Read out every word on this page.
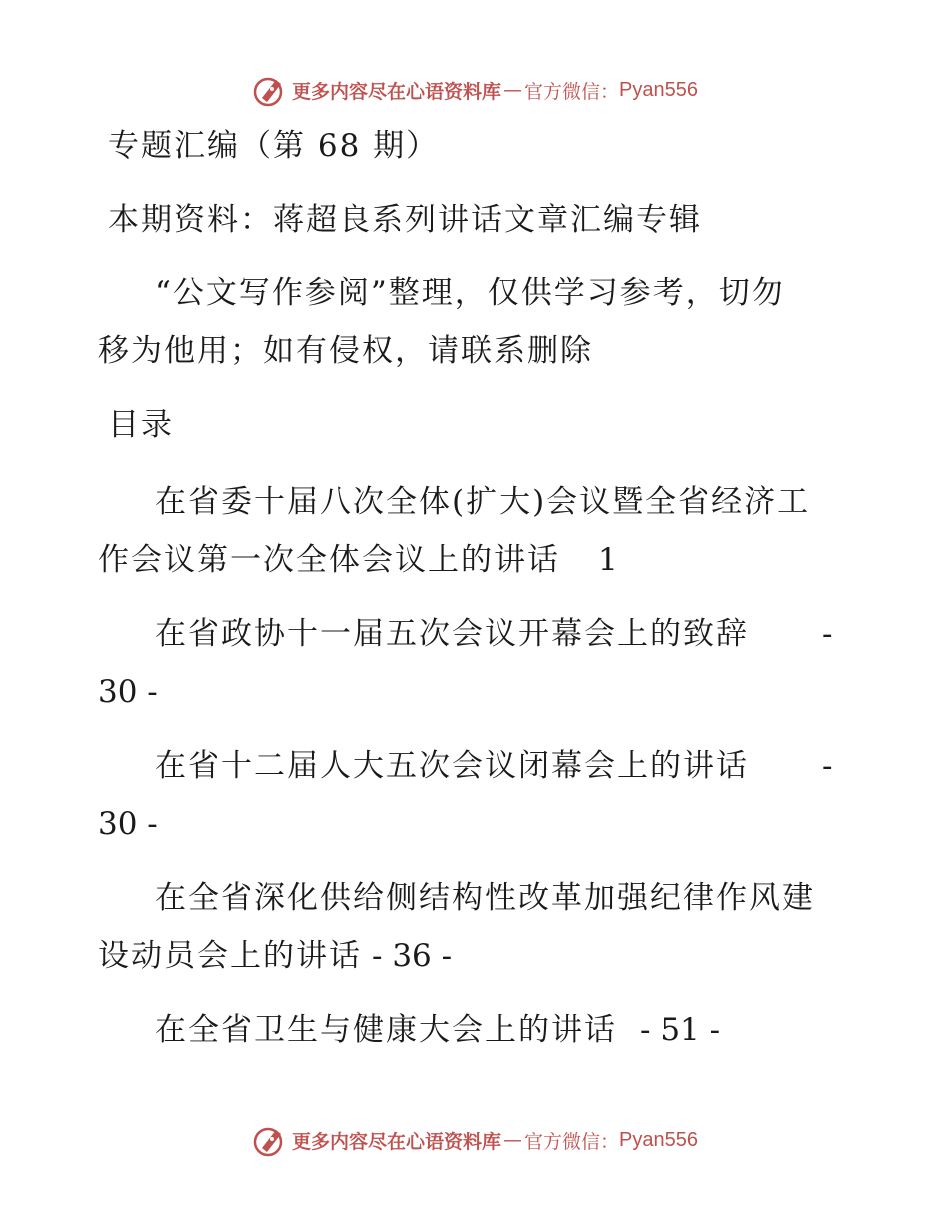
更多内容尽在心语资料库 — 官方微信： Pyan556
专题汇编（第 68 期）
本期资料：蒋超良系列讲话文章汇编专辑
“公文写作参阅”整理，仅供学习参考，切勿
移为他用；如有侵权，请联系删除
目录
在省委十届八次全体(扩大)会议暨全省经济工
作会议第一次全体会议上的讲话 1
在省政协十一届五次会议开幕会上的致辞 -
30 -
在省十二届人大五次会议闭幕会上的讲话 -
30 -
在全省深化供给侧结构性改革加强纪律作风建
设动员会上的讲话 - 36 -
在全省卫生与健康大会上的讲话 - 51 -
更多内容尽在心语资料库 — 官方微信： Pyan556
